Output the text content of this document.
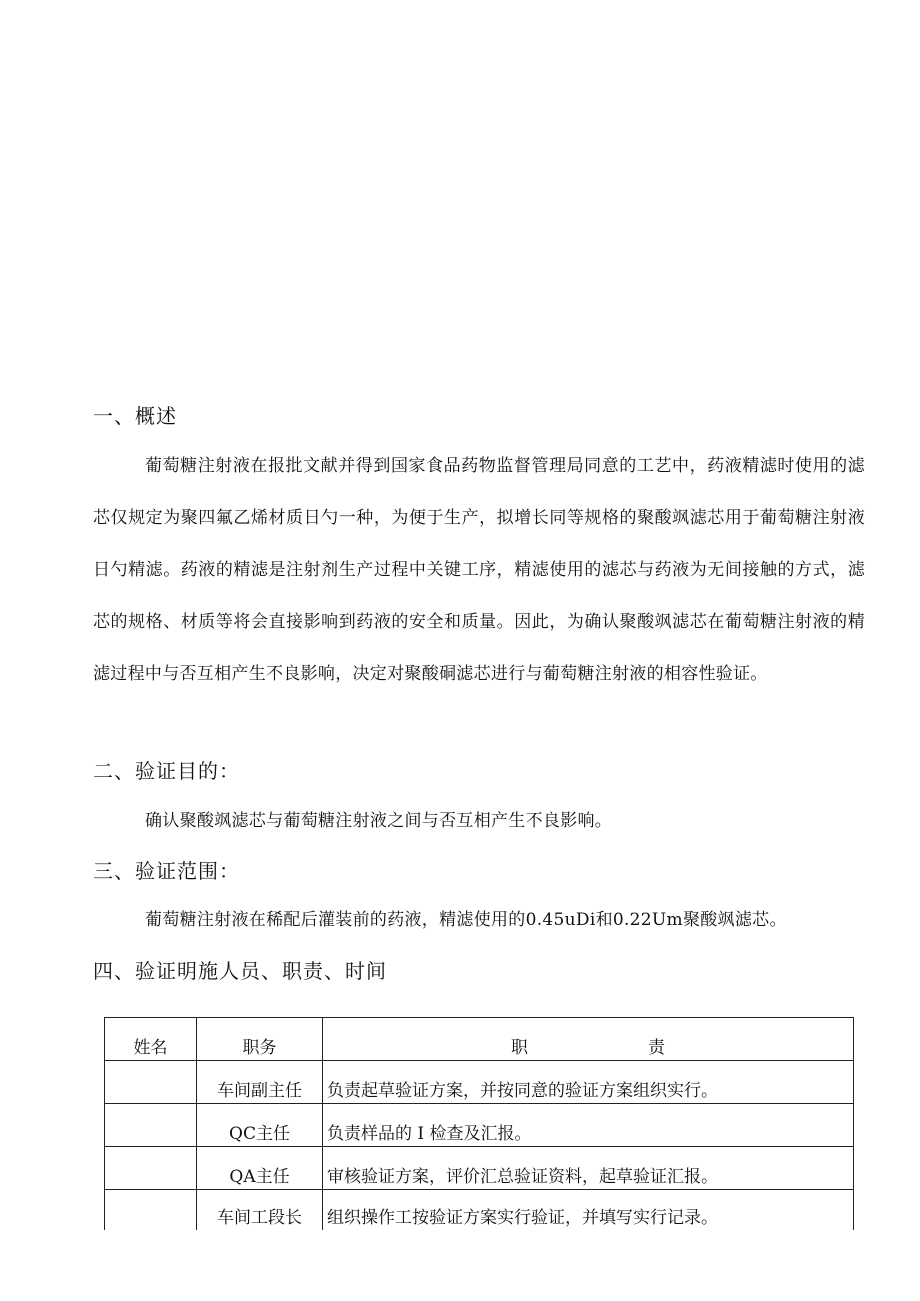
一、概述
葡萄糖注射液在报批文献并得到国家食品药物监督管理局同意的工艺中，药液精滤时使用的滤芯仅规定为聚四氟乙烯材质日勺一种，为便于生产，拟增长同等规格的聚酸飒滤芯用于葡萄糖注射液日勺精滤。药液的精滤是注射剂生产过程中关键工序，精滤使用的滤芯与药液为无间接触的方式，滤芯的规格、材质等将会直接影响到药液的安全和质量。因此，为确认聚酸飒滤芯在葡萄糖注射液的精滤过程中与否互相产生不良影响，决定对聚酸硐滤芯进行与葡萄糖注射液的相容性验证。
二、验证目的：
确认聚酸飒滤芯与葡萄糖注射液之间与否互相产生不良影响。
三、验证范围：
葡萄糖注射液在稀配后灌装前的药液，精滤使用的0.45uDi和0.22Um聚酸飒滤芯。
四、验证明施人员、职责、时间
姓名	职务	职 责
	车间副主任	负责起草验证方案，并按同意的验证方案组织实行。
	QC主任	负责样品的 I 检查及汇报。
	QA主任	审核验证方案，评价汇总验证资料，起草验证汇报。
	车间工段长	组织操作工按验证方案实行验证，并填写实行记录。
